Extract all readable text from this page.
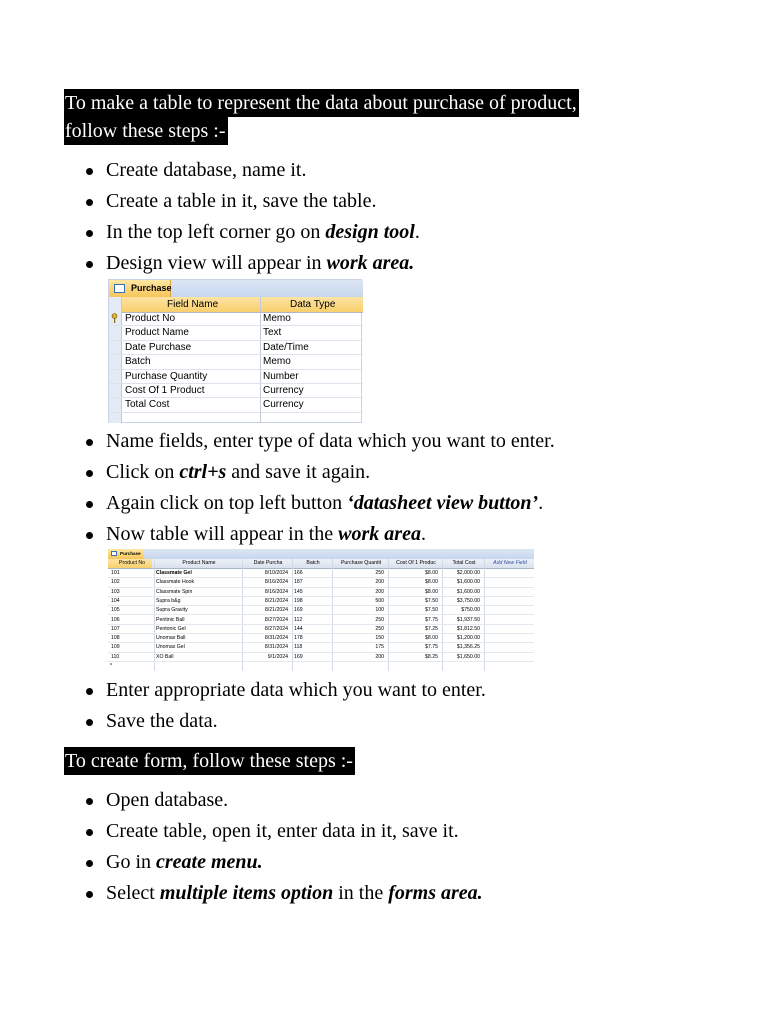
To make a table to represent the data about purchase of product,
follow these steps :-
Create database, name it.
Create a table in it, save the table.
In the top left corner go on design tool.
Design view will appear in work area.
Purchase
Field Name	Data Type
Product No	Memo
Product Name	Text
Date Purchase	Date/Time
Batch	Memo
Purchase Quantity	Number
Cost Of 1 Product	Currency
Total Cost	Currency
Name fields, enter type of data which you want to enter.
Click on ctrl+s and save it again.
Again click on top left button ‘datasheet view button’.
Now table will appear in the work area.
Purchase
Product No	Product Name	Date Purcha	Batch	Purchase Quantit	Cost Of 1 Produc	Total Cost	Add New Field
101	Classmate Gel	8/10/2024 166	250	$8.00	$2,000.00
102	Classmate Hook	8/16/2024 187	200	$8.00	$1,600.00
103	Classmate Spin	8/16/2024 145	200	$8.00	$1,600.00
104	Supra b&g	8/21/2024 198	500	$7.50	$3,750.00
105	Supra Gravity	8/21/2024 169	100	$7.50	$750.00
106	Pentinic Ball	8/27/2024 112	250	$7.75	$1,937.50
107	Pentonic Gel	8/27/2024 144	250	$7.25	$1,812.50
108	Unomax Ball	8/31/2024 178	150	$8.00	$1,200.00
109	Unomax Gel	8/31/2024 118	175	$7.75	$1,356.25
110	XO Ball	9/1/2024 169	200	$8.25	$1,650.00
*
Enter appropriate data which you want to enter.
Save the data.
To create form, follow these steps :-
Open database.
Create table, open it, enter data in it, save it.
Go in create menu.
Select multiple items option in the forms area.
